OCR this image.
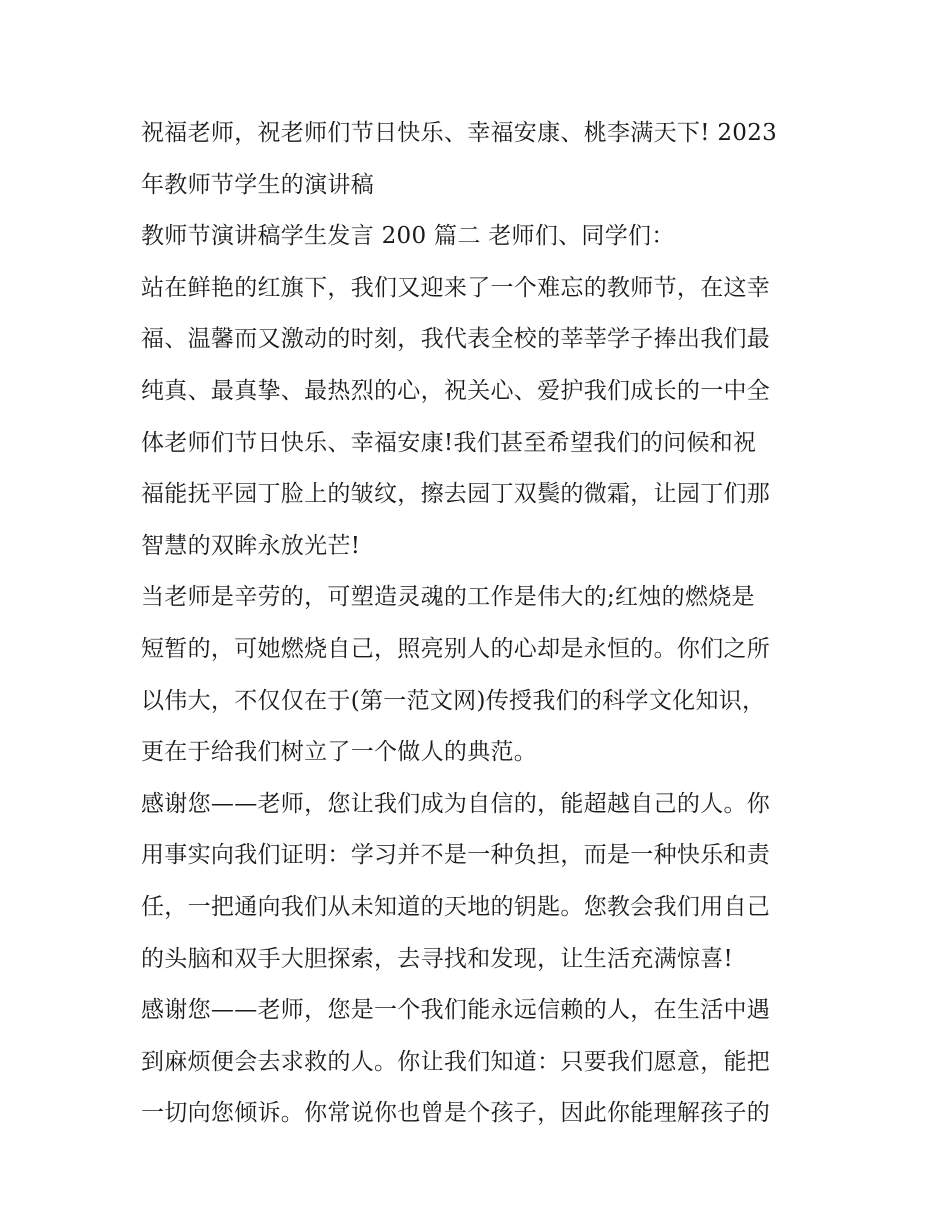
祝福老师，祝老师们节日快乐、幸福安康、桃李满天下! 2023
年教师节学生的演讲稿
教师节演讲稿学生发言 200 篇二 老师们、同学们：
站在鲜艳的红旗下，我们又迎来了一个难忘的教师节，在这幸
福、温馨而又激动的时刻，我代表全校的莘莘学子捧出我们最
纯真、最真挚、最热烈的心，祝关心、爱护我们成长的一中全
体老师们节日快乐、幸福安康!我们甚至希望我们的问候和祝
福能抚平园丁脸上的皱纹，擦去园丁双鬓的微霜，让园丁们那
智慧的双眸永放光芒!
当老师是辛劳的，可塑造灵魂的工作是伟大的;红烛的燃烧是
短暂的，可她燃烧自己，照亮别人的心却是永恒的。你们之所
以伟大，不仅仅在于(第一范文网)传授我们的科学文化知识，
更在于给我们树立了一个做人的典范。
感谢您——老师，您让我们成为自信的，能超越自己的人。你
用事实向我们证明：学习并不是一种负担，而是一种快乐和责
任，一把通向我们从未知道的天地的钥匙。您教会我们用自己
的头脑和双手大胆探索，去寻找和发现，让生活充满惊喜!
感谢您——老师，您是一个我们能永远信赖的人，在生活中遇
到麻烦便会去求救的人。你让我们知道：只要我们愿意，能把
一切向您倾诉。你常说你也曾是个孩子，因此你能理解孩子的
